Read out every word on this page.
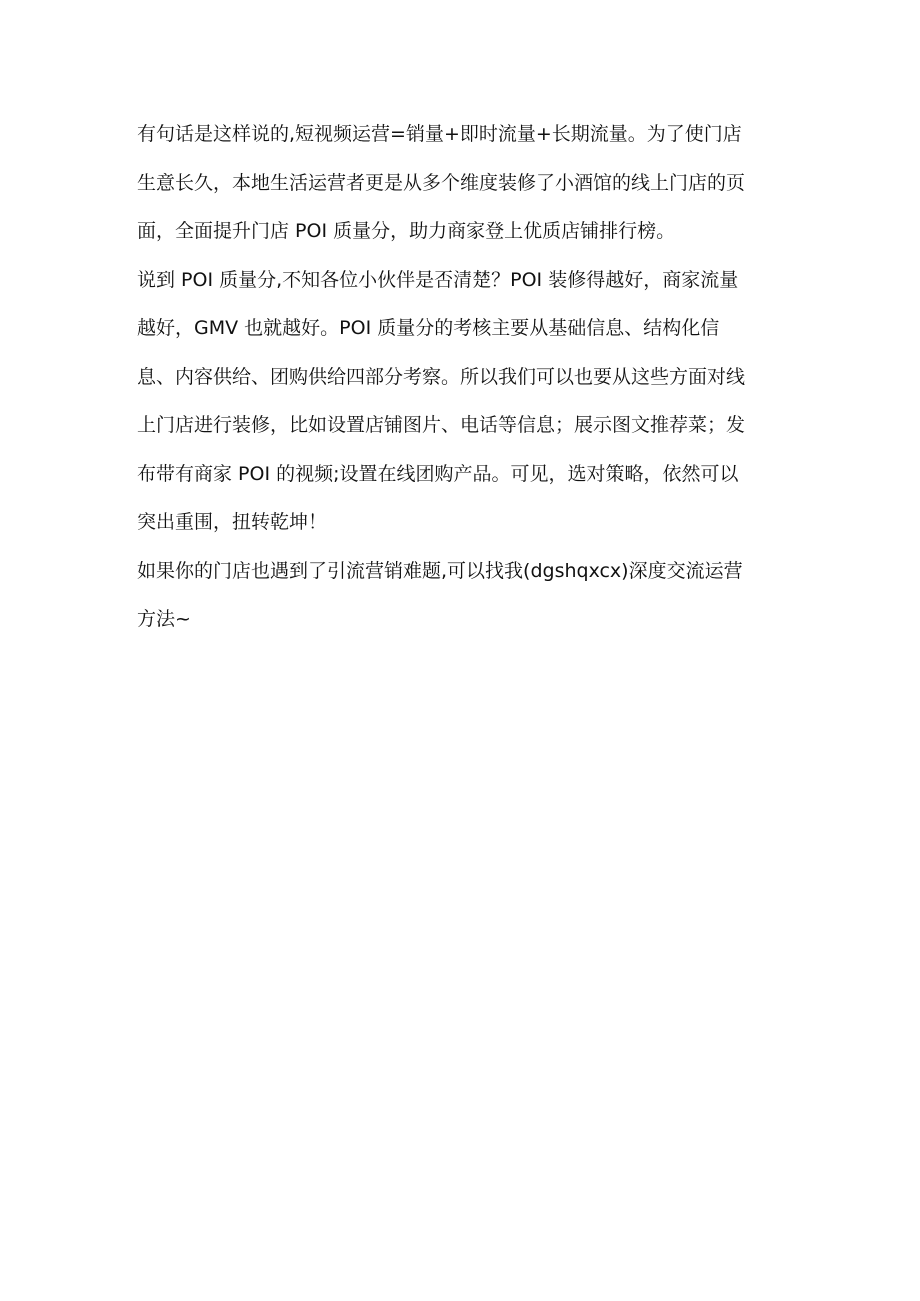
有句话是这样说的,短视频运营=销量+即时流量+长期流量。为了使门店
生意长久，本地生活运营者更是从多个维度装修了小酒馆的线上门店的页
面，全面提升门店 POI 质量分，助力商家登上优质店铺排行榜。

说到 POI 质量分,不知各位小伙伴是否清楚？POI 装修得越好，商家流量
越好，GMV 也就越好。POI 质量分的考核主要从基础信息、结构化信
息、内容供给、团购供给四部分考察。所以我们可以也要从这些方面对线
上门店进行装修，比如设置店铺图片、电话等信息；展示图文推荐菜；发
布带有商家 POI 的视频;设置在线团购产品。可见，选对策略，依然可以
突出重围，扭转乾坤！

如果你的门店也遇到了引流营销难题,可以找我(dgshqxcx)深度交流运营
方法~
